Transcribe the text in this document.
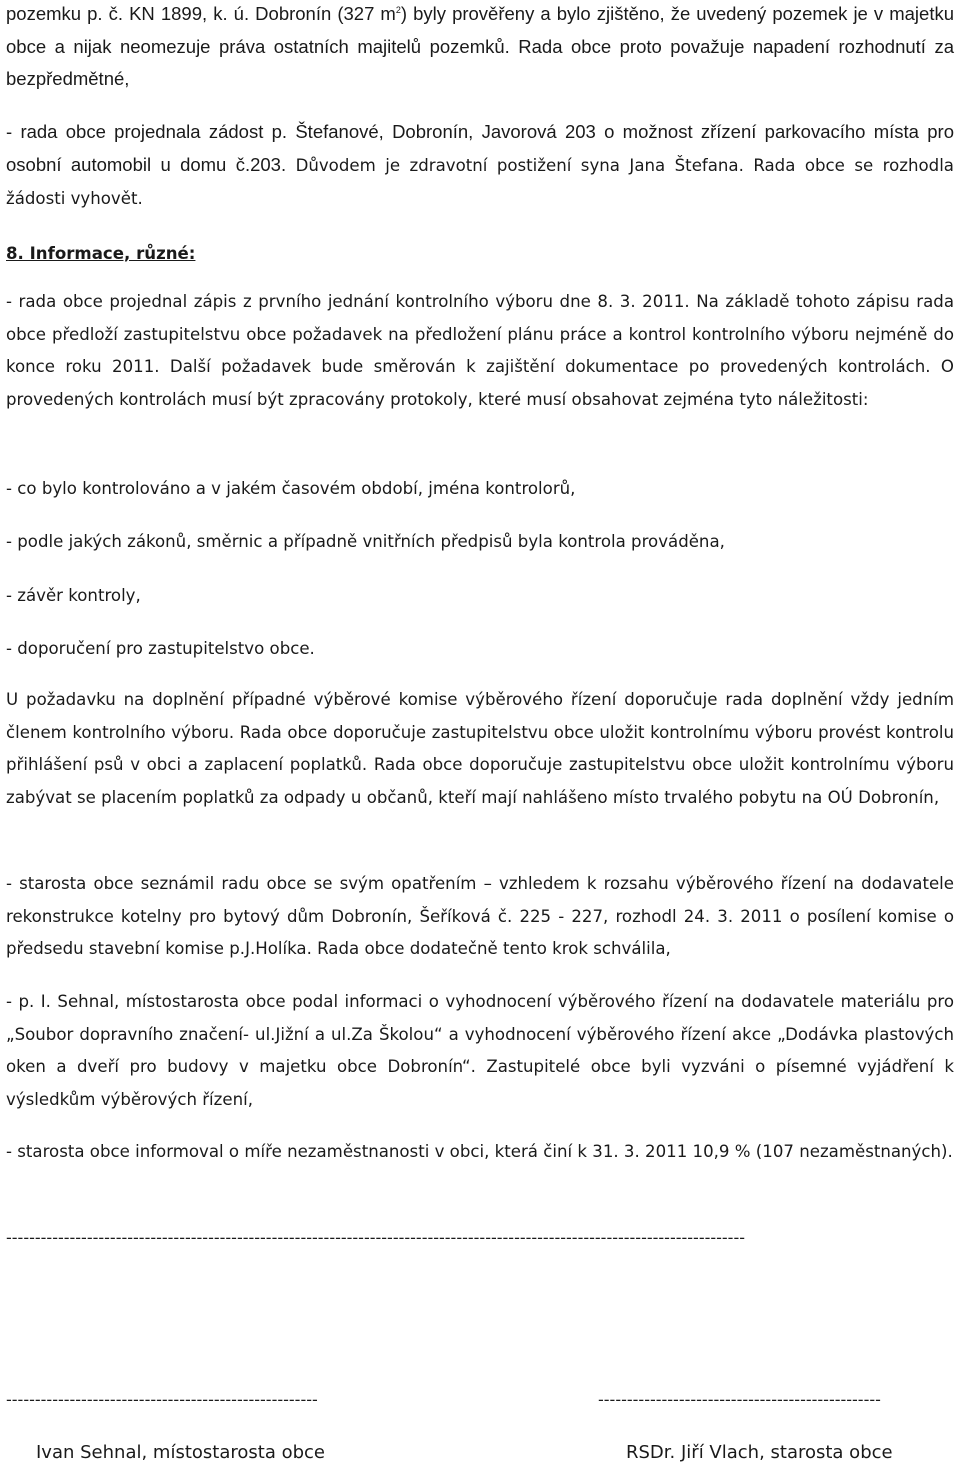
pozemku p. č. KN 1899, k. ú. Dobronín (327 $m^2$) byly prověřeny a bylo zjištěno, že uvedený pozemek je v majetku obce a nijak neomezuje práva ostatních majitelů pozemků. Rada obce proto považuje napadení rozhodnutí za bezpředmětné,

- rada obce projednala zádost p. Štefanové, Dobronín, Javorová 203 o možnost zřízení parkovacího místa pro osobní automobil u domu č.203. Důvodem je zdravotní postižení syna Jana Štefana. Rada obce se rozhodla žádosti vyhovět.

8. Informace, různé:

- rada obce projednal zápis z prvního jednání kontrolního výboru dne 8. 3. 2011. Na základě tohoto zápisu rada obce předloží zastupitelstvu obce požadavek na předložení plánu práce a kontrol kontrolního výboru nejméně do konce roku 2011. Další požadavek bude směrován k zajištění dokumentace po provedených kontrolách. O provedených kontrolách musí být zpracovány protokoly, které musí obsahovat zejména tyto náležitosti:

- co bylo kontrolováno a v jakém časovém období, jména kontrolorů,

- podle jakých zákonů, směrnic a případně vnitřních předpisů byla kontrola prováděna,

- závěr kontroly,

- doporučení pro zastupitelstvo obce.

U požadavku na doplnění případné výběrové komise výběrového řízení doporučuje rada doplnění vždy jedním členem kontrolního výboru. Rada obce doporučuje zastupitelstvu obce uložit kontrolnímu výboru provést kontrolu přihlášení psů v obci a zaplacení poplatků. Rada obce doporučuje zastupitelstvu obce uložit kontrolnímu výboru zabývat se placením poplatků za odpady u občanů, kteří mají nahlášeno místo trvalého pobytu na OÚ Dobronín,

- starosta obce seznámil radu obce se svým opatřením – vzhledem k rozsahu výběrového řízení na dodavatele rekonstrukce kotelny pro bytový dům Dobronín, Šeříková č. 225 - 227, rozhodl 24. 3. 2011 o posílení komise o předsedu stavební komise p.J.Holíka. Rada obce dodatečně tento krok schválila,

- p. I. Sehnal, místostarosta obce podal informaci o vyhodnocení výběrového řízení na dodavatele materiálu pro „Soubor dopravního značení- ul.Jižní a ul.Za Školou“ a vyhodnocení výběrového řízení akce „Dodávka plastových oken a dveří pro budovy v majetku obce Dobronín“. Zastupitelé obce byli vyzváni o písemné vyjádření k výsledkům výběrových řízení,

- starosta obce informoval o míře nezaměstnanosti v obci, která činí k 31. 3. 2011 10,9 % (107 nezaměstnaných).

--------------------------------------------------------------------------------------------------------------------------------
------------------------------------------------------	-------------------------------------------------
Ivan Sehnal, místostarosta obce	RSDr. Jiří Vlach, starosta obce
